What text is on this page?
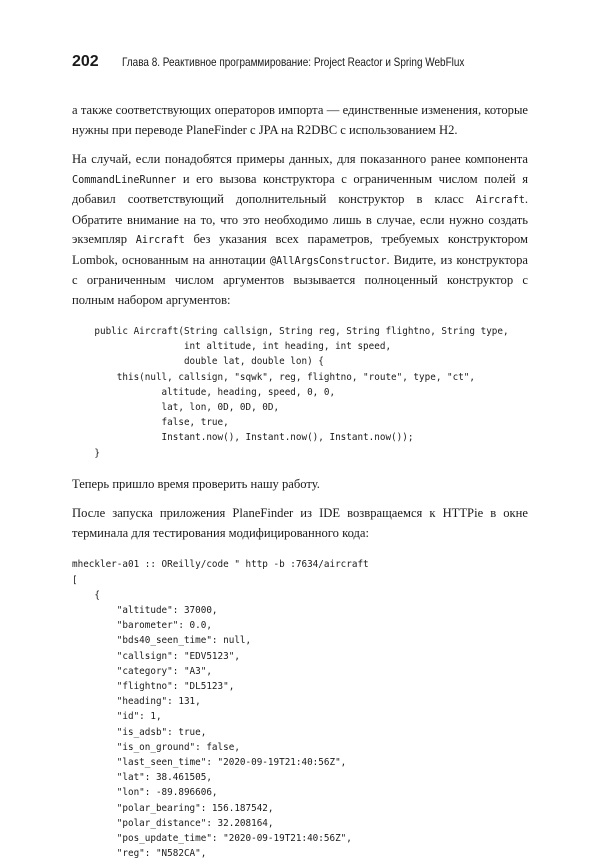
202 Глава 8. Реактивное программирование: Project Reactor и Spring WebFlux

а также соответствующих операторов импорта — единственные изменения, которые нужны при переводе PlaneFinder с JPA на R2DBC с использованием H2.

На случай, если понадобятся примеры данных, для показанного ранее компонента CommandLineRunner и его вызова конструктора с ограниченным числом полей я добавил соответствующий дополнительный конструктор в класс Aircraft. Обратите внимание на то, что это необходимо лишь в случае, если нужно создать экземпляр Aircraft без указания всех параметров, требуемых конструктором Lombok, основанным на аннотации @AllArgsConstructor. Видите, из конструктора с ограниченным числом аргументов вызывается полноценный конструктор с полным набором аргументов:

public Aircraft(String callsign, String reg, String flightno, String type,
int altitude, int heading, int speed,
double lat, double lon) {
this(null, callsign, "sqwk", reg, flightno, "route", type, "ct",
altitude, heading, speed, 0, 0,
lat, lon, 0D, 0D, 0D,
false, true,
Instant.now(), Instant.now(), Instant.now());
}

Теперь пришло время проверить нашу работу.

После запуска приложения PlaneFinder из IDE возвращаемся к HTTPie в окне терминала для тестирования модифицированного кода:

mheckler-a01 :: OReilly/code " http -b :7634/aircraft
[
{
"altitude": 37000,
"barometer": 0.0,
"bds40_seen_time": null,
"callsign": "EDV5123",
"category": "A3",
"flightno": "DL5123",
"heading": 131,
"id": 1,
"is_adsb": true,
"is_on_ground": false,
"last_seen_time": "2020-09-19T21:40:56Z",
"lat": 38.461505,
"lon": -89.896606,
"polar_bearing": 156.187542,
"polar_distance": 32.208164,
"pos_update_time": "2020-09-19T21:40:56Z",
"reg": "N582CA",
